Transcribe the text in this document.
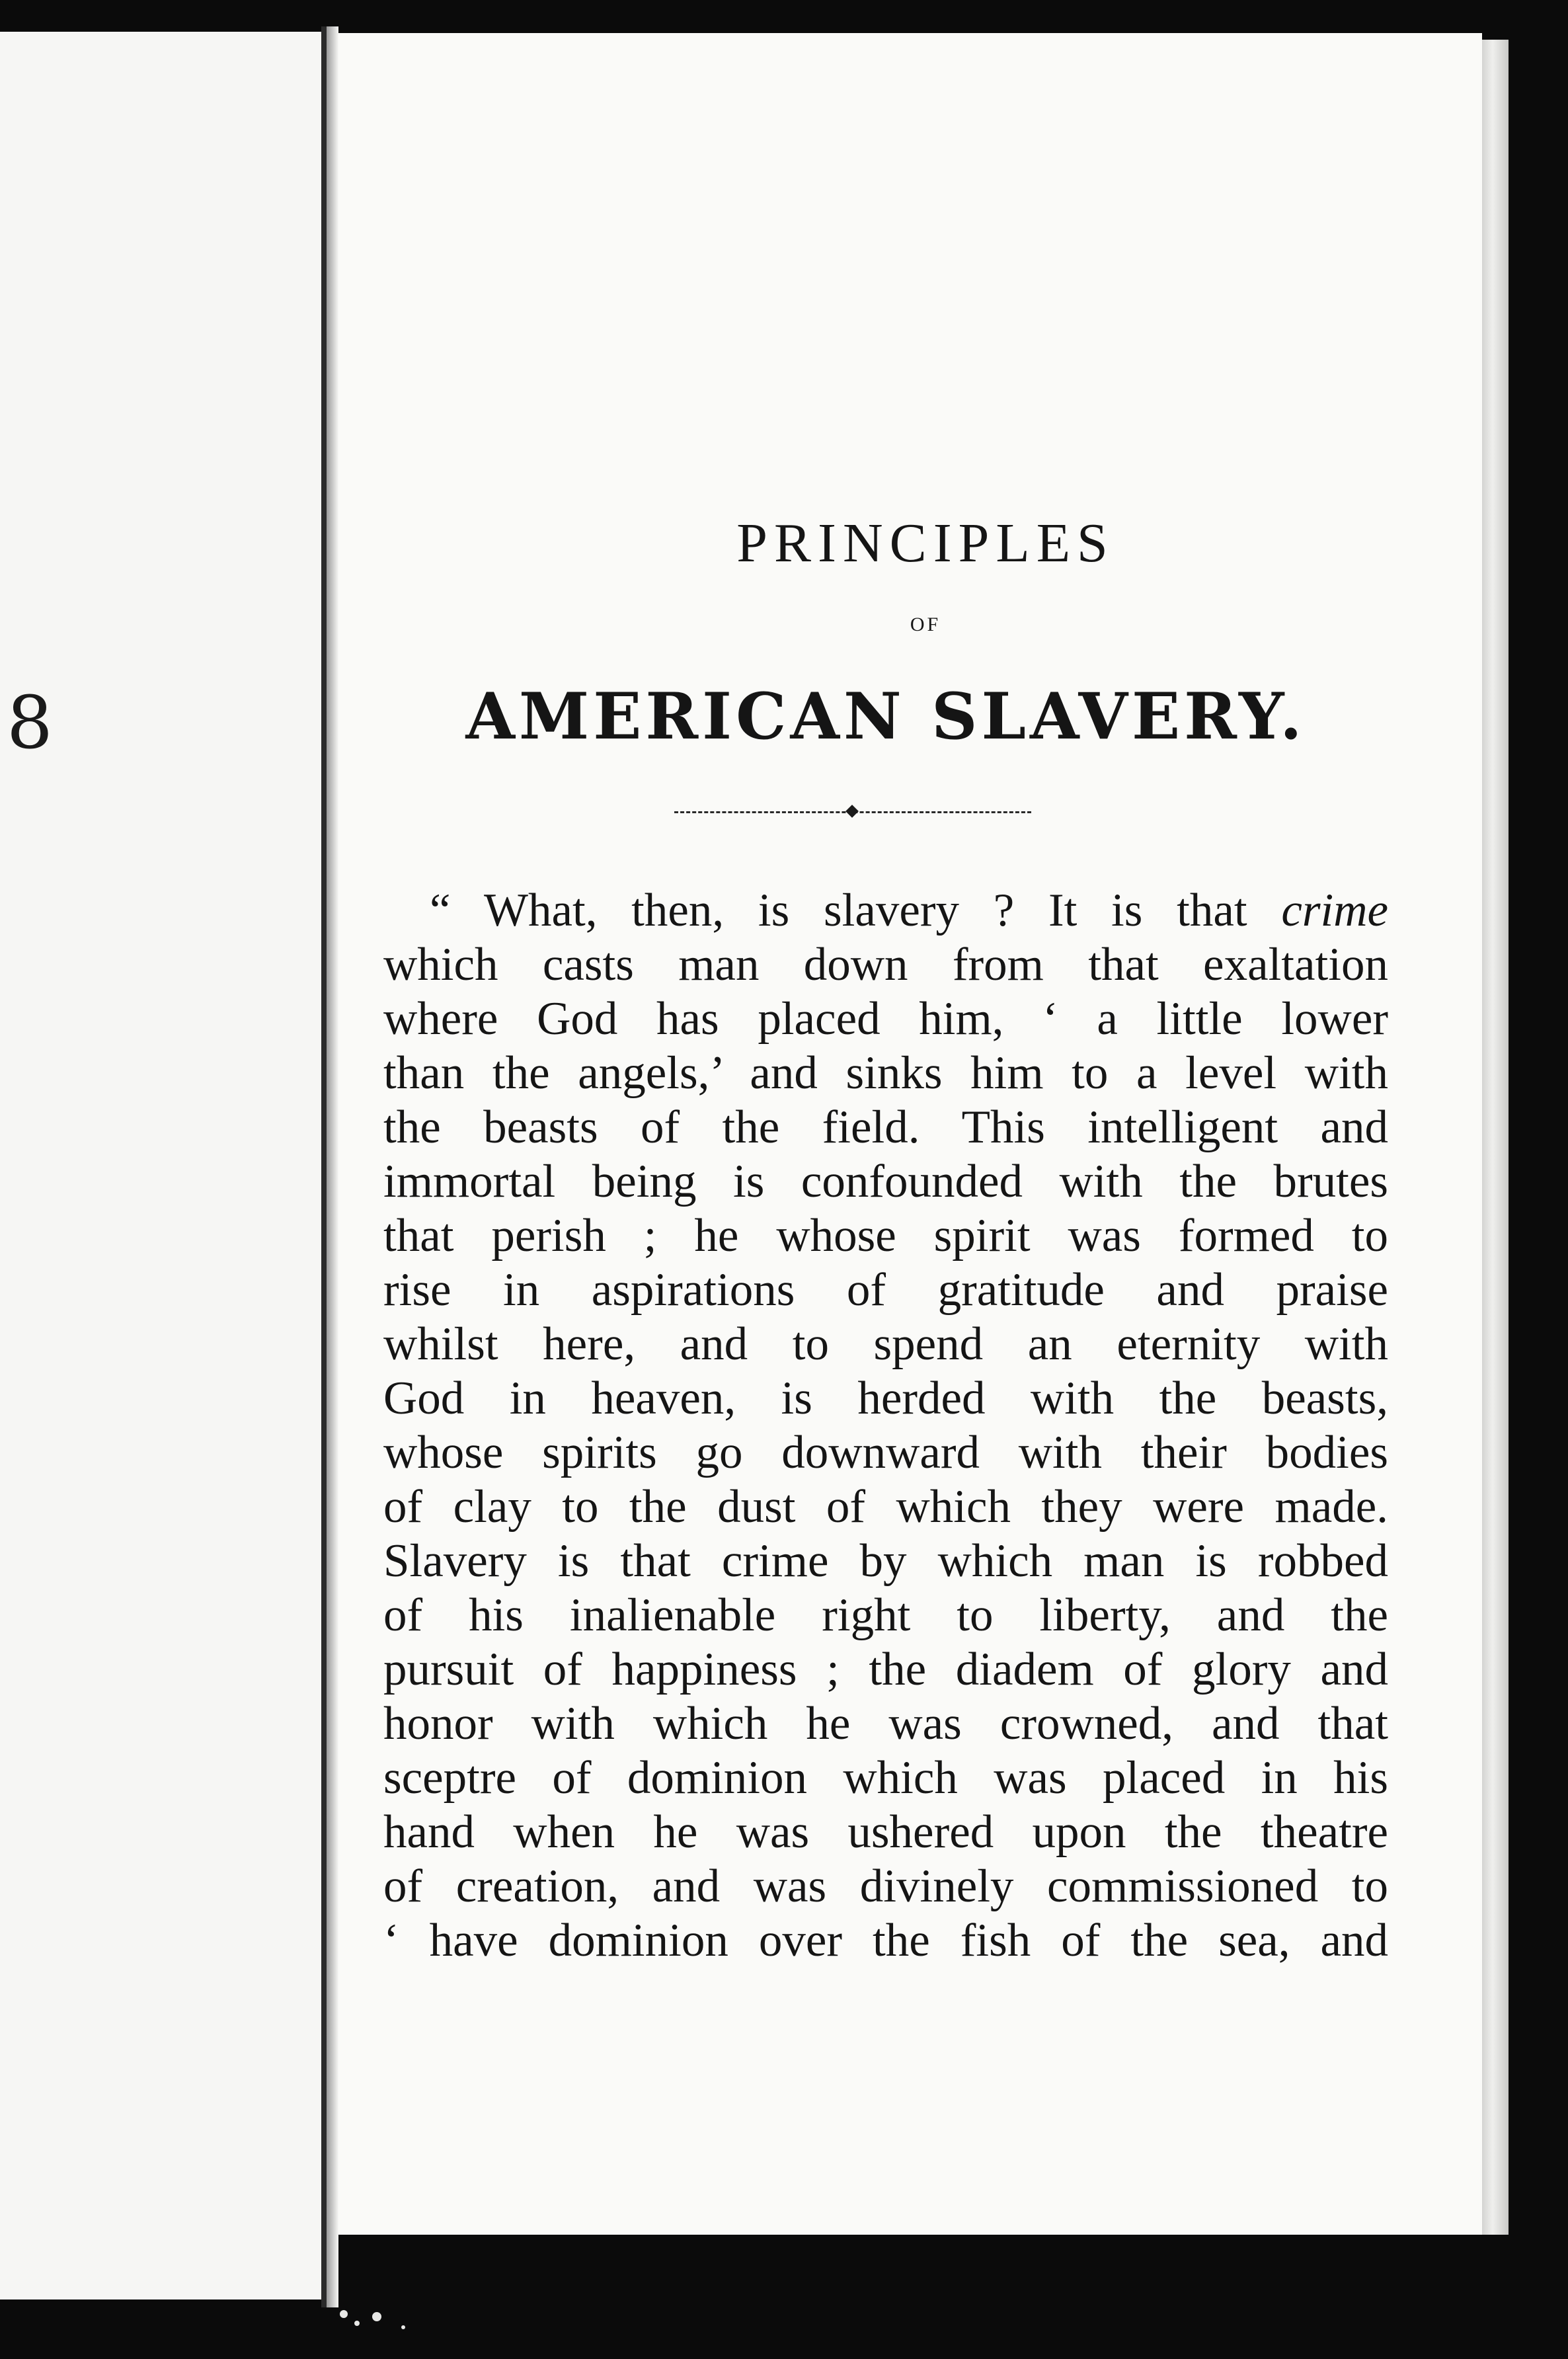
8
PRINCIPLES
OF
AMERICAN SLAVERY.
“ What, then, is slavery ? It is that crime
which casts man down from that exaltation
where God has placed him, ‘ a little lower
than the angels,’ and sinks him to a level with
the beasts of the field. This intelligent and
immortal being is confounded with the brutes
that perish ; he whose spirit was formed to
rise in aspirations of gratitude and praise
whilst here, and to spend an eternity with
God in heaven, is herded with the beasts,
whose spirits go downward with their bodies
of clay to the dust of which they were made.
Slavery is that crime by which man is robbed
of his inalienable right to liberty, and the
pursuit of happiness ; the diadem of glory and
honor with which he was crowned, and that
sceptre of dominion which was placed in his
hand when he was ushered upon the theatre
of creation, and was divinely commissioned to
‘ have dominion over the fish of the sea, and
